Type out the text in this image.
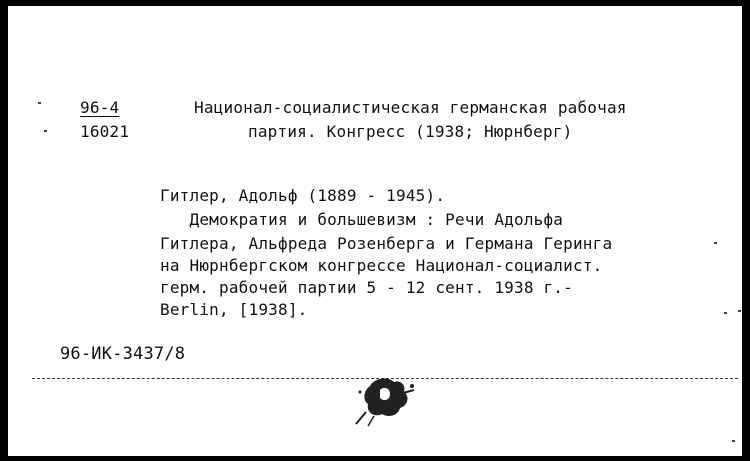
96-4
16021
Национал-социалистическая германская рабочая
партия. Конгресс (1938; Нюрнберг)
Гитлер, Адольф (1889 - 1945).
Демократия и большевизм : Речи Адольфа
Гитлера, Альфреда Розенберга и Германа Геринга
на Нюрнбергском конгрессе Национал-социалист.
герм. рабочей партии 5 - 12 сент. 1938 г.-
Berlin, [1938].
96-ИК-3437/8
